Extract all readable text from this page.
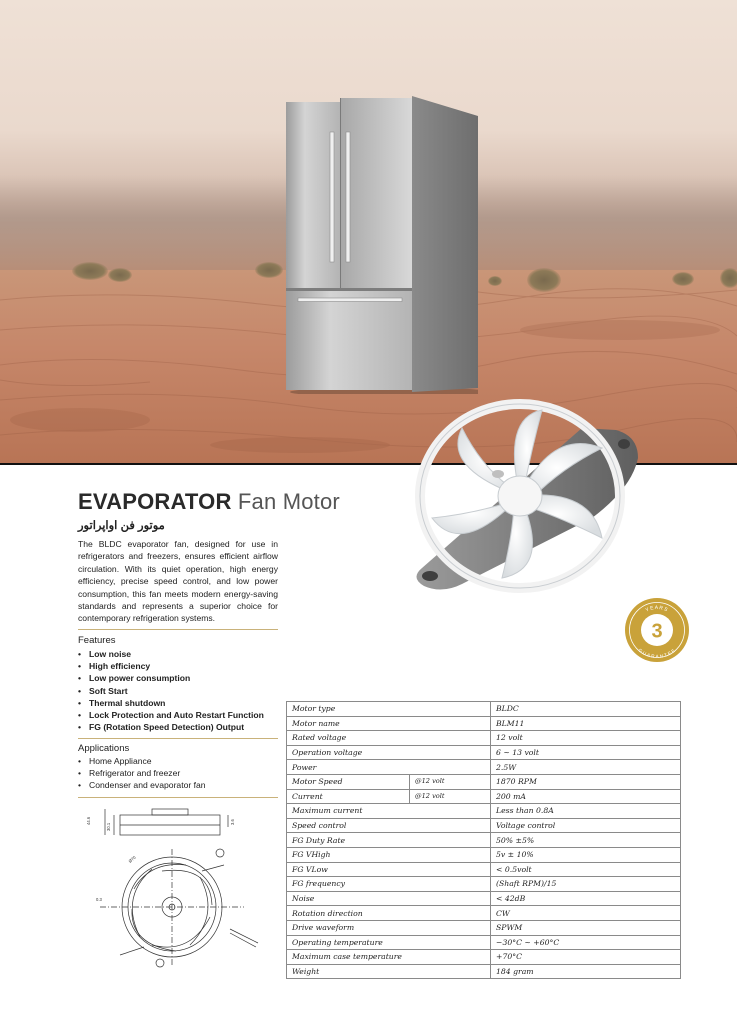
EVAPORATOR Fan Motor
موتور فن اواپراتور
The BLDC evaporator fan, designed for use in refrigerators and freezers, ensures efficient airflow circulation. With its quiet operation, high energy efficiency, precise speed control, and low power consumption, this fan meets modern energy-saving standards and represents a superior choice for contemporary refrigeration systems.
Features
• Low noise
• High efficiency
• Low power consumption
• Soft Start
• Thermal shutdown
• Lock Protection and Auto Restart Function
• FG (Rotation Speed Detection) Output
Applications
• Home Appliance
• Refrigerator and freezer
• Condenser and evaporator fan
3
YEARS
GUARANTEE
44.6
30.1
3.6
Ø70
0.3
Motor type		BLDC
Motor name		BLM11
Rated voltage		12 volt
Operation voltage		6 ~ 13 volt
Power		2.5W
Motor Speed	@12 volt	1870 RPM
Current	@12 volt	200 mA
Maximum current		Less than 0.8A
Speed control		Voltage control
FG Duty Rate		50% ±5%
FG VHigh		5v ± 10%
FG VLow		< 0.5volt
FG frequency		(Shaft RPM)/15
Noise		< 42dB
Rotation direction		CW
Drive waveform		SPWM
Operating temperature		−30°C ~ +60°C
Maximum case temperature		+70°C
Weight		184 gram
